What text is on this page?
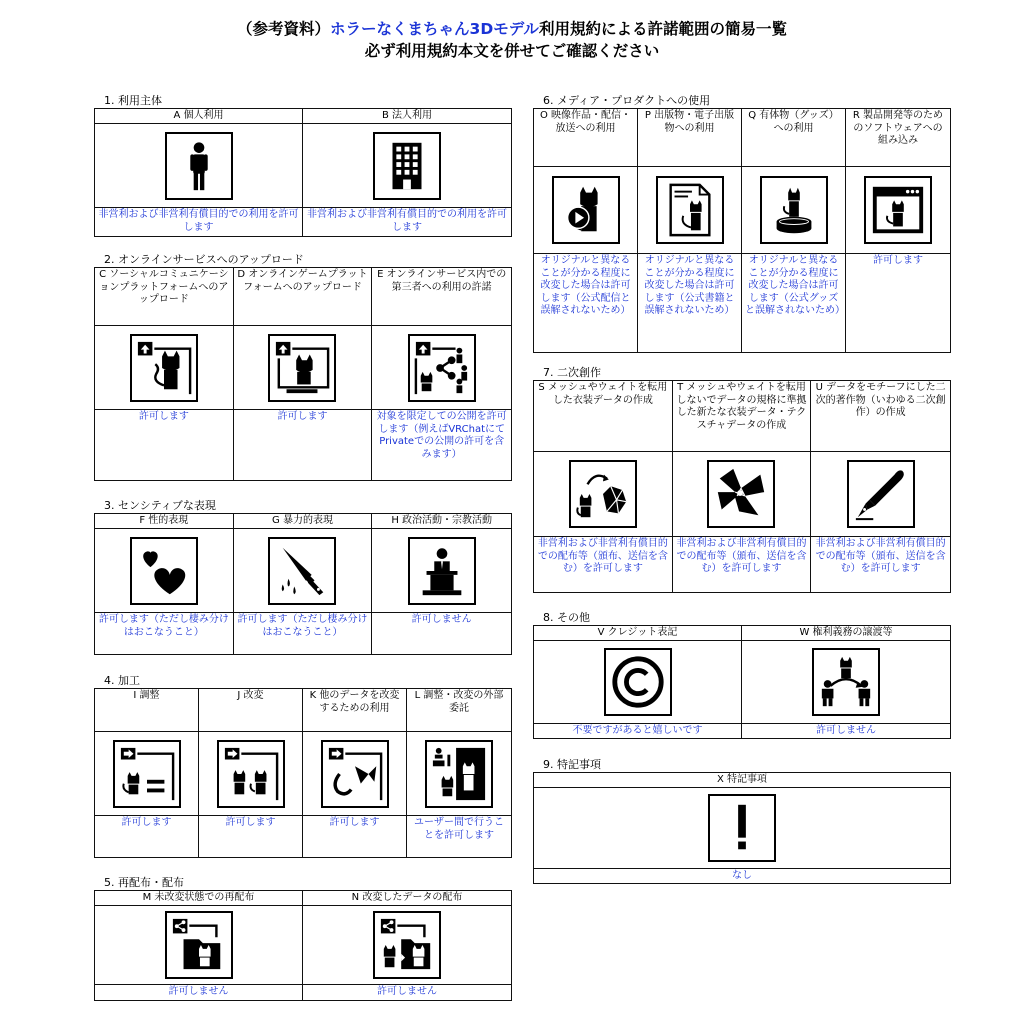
（参考資料）ホラーなくまちゃん3Dモデル利用規約による許諾範囲の簡易一覧
必ず利用規約本文を併せてご確認ください
1. 利用主体
A 個人利用
非営利および非営利有償目的での利用を許可します
B 法人利用
非営利および非営利有償目的での利用を許可します
2. オンラインサービスへのアップロード
C ソーシャルコミュニケーションプラットフォームへのアップロード
許可します
D オンラインゲームプラットフォームへのアップロード
許可します
E オンラインサービス内での第三者への利用の許諾
対象を限定しての公開を許可します（例えばVRChatにてPrivateでの公開の許可を含みます）
3. センシティブな表現
F 性的表現
許可します（ただし棲み分けはおこなうこと）
G 暴力的表現
許可します（ただし棲み分けはおこなうこと）
H 政治活動・宗教活動
許可しません
4. 加工
I 調整
許可します
J 改変
許可します
K 他のデータを改変するための利用
許可します
L 調整・改変の外部委託
ユーザー間で行うことを許可します
5. 再配布・配布
M 未改変状態での再配布
許可しません
N 改変したデータの配布
許可しません
6. メディア・プロダクトへの使用
O 映像作品・配信・放送への利用
オリジナルと異なることが分かる程度に改変した場合は許可します（公式配信と誤解されないため）
P 出版物・電子出版物への利用
オリジナルと異なることが分かる程度に改変した場合は許可します（公式書籍と誤解されないため）
Q 有体物（グッズ）への利用
オリジナルと異なることが分かる程度に改変した場合は許可します（公式グッズと誤解されないため）
R 製品開発等のためのソフトウェアへの組み込み
許可します
7. 二次創作
S メッシュやウェイトを転用した衣装データの作成
非営利および非営利有償目的での配布等（頒布、送信を含む）を許可します
T メッシュやウェイトを転用しないでデータの規格に準拠した新たな衣装データ・テクスチャデータの作成
非営利および非営利有償目的での配布等（頒布、送信を含む）を許可します
U データをモチーフにした二次的著作物（いわゆる二次創作）の作成
非営利および非営利有償目的での配布等（頒布、送信を含む）を許可します
8. その他
V クレジット表記
不要ですがあると嬉しいです
W 権利義務の譲渡等
許可しません
9. 特記事項
X 特記事項
なし
